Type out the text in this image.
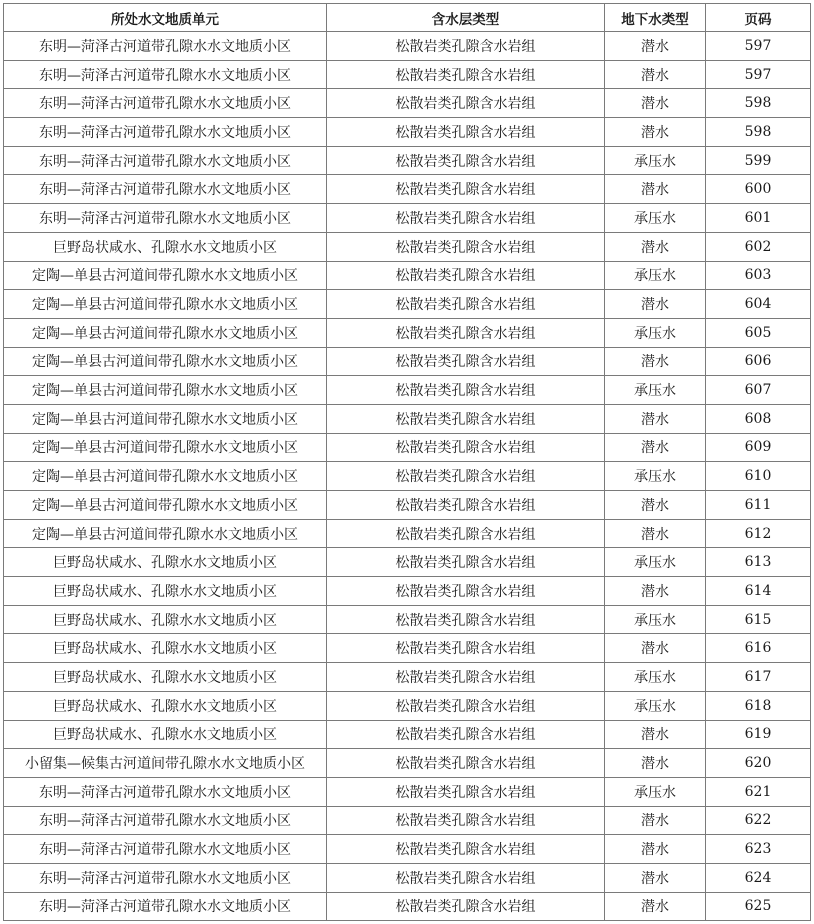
所处水文地质单元	含水层类型	地下水类型	页码
东明—菏泽古河道带孔隙水水文地质小区	松散岩类孔隙含水岩组	潜水	597
东明—菏泽古河道带孔隙水水文地质小区	松散岩类孔隙含水岩组	潜水	597
东明—菏泽古河道带孔隙水水文地质小区	松散岩类孔隙含水岩组	潜水	598
东明—菏泽古河道带孔隙水水文地质小区	松散岩类孔隙含水岩组	潜水	598
东明—菏泽古河道带孔隙水水文地质小区	松散岩类孔隙含水岩组	承压水	599
东明—菏泽古河道带孔隙水水文地质小区	松散岩类孔隙含水岩组	潜水	600
东明—菏泽古河道带孔隙水水文地质小区	松散岩类孔隙含水岩组	承压水	601
巨野岛状咸水、孔隙水水文地质小区	松散岩类孔隙含水岩组	潜水	602
定陶—单县古河道间带孔隙水水文地质小区	松散岩类孔隙含水岩组	承压水	603
定陶—单县古河道间带孔隙水水文地质小区	松散岩类孔隙含水岩组	潜水	604
定陶—单县古河道间带孔隙水水文地质小区	松散岩类孔隙含水岩组	承压水	605
定陶—单县古河道间带孔隙水水文地质小区	松散岩类孔隙含水岩组	潜水	606
定陶—单县古河道间带孔隙水水文地质小区	松散岩类孔隙含水岩组	承压水	607
定陶—单县古河道间带孔隙水水文地质小区	松散岩类孔隙含水岩组	潜水	608
定陶—单县古河道间带孔隙水水文地质小区	松散岩类孔隙含水岩组	潜水	609
定陶—单县古河道间带孔隙水水文地质小区	松散岩类孔隙含水岩组	承压水	610
定陶—单县古河道间带孔隙水水文地质小区	松散岩类孔隙含水岩组	潜水	611
定陶—单县古河道间带孔隙水水文地质小区	松散岩类孔隙含水岩组	潜水	612
巨野岛状咸水、孔隙水水文地质小区	松散岩类孔隙含水岩组	承压水	613
巨野岛状咸水、孔隙水水文地质小区	松散岩类孔隙含水岩组	潜水	614
巨野岛状咸水、孔隙水水文地质小区	松散岩类孔隙含水岩组	承压水	615
巨野岛状咸水、孔隙水水文地质小区	松散岩类孔隙含水岩组	潜水	616
巨野岛状咸水、孔隙水水文地质小区	松散岩类孔隙含水岩组	承压水	617
巨野岛状咸水、孔隙水水文地质小区	松散岩类孔隙含水岩组	承压水	618
巨野岛状咸水、孔隙水水文地质小区	松散岩类孔隙含水岩组	潜水	619
小留集—候集古河道间带孔隙水水文地质小区	松散岩类孔隙含水岩组	潜水	620
东明—菏泽古河道带孔隙水水文地质小区	松散岩类孔隙含水岩组	承压水	621
东明—菏泽古河道带孔隙水水文地质小区	松散岩类孔隙含水岩组	潜水	622
东明—菏泽古河道带孔隙水水文地质小区	松散岩类孔隙含水岩组	潜水	623
东明—菏泽古河道带孔隙水水文地质小区	松散岩类孔隙含水岩组	潜水	624
东明—菏泽古河道带孔隙水水文地质小区	松散岩类孔隙含水岩组	潜水	625
